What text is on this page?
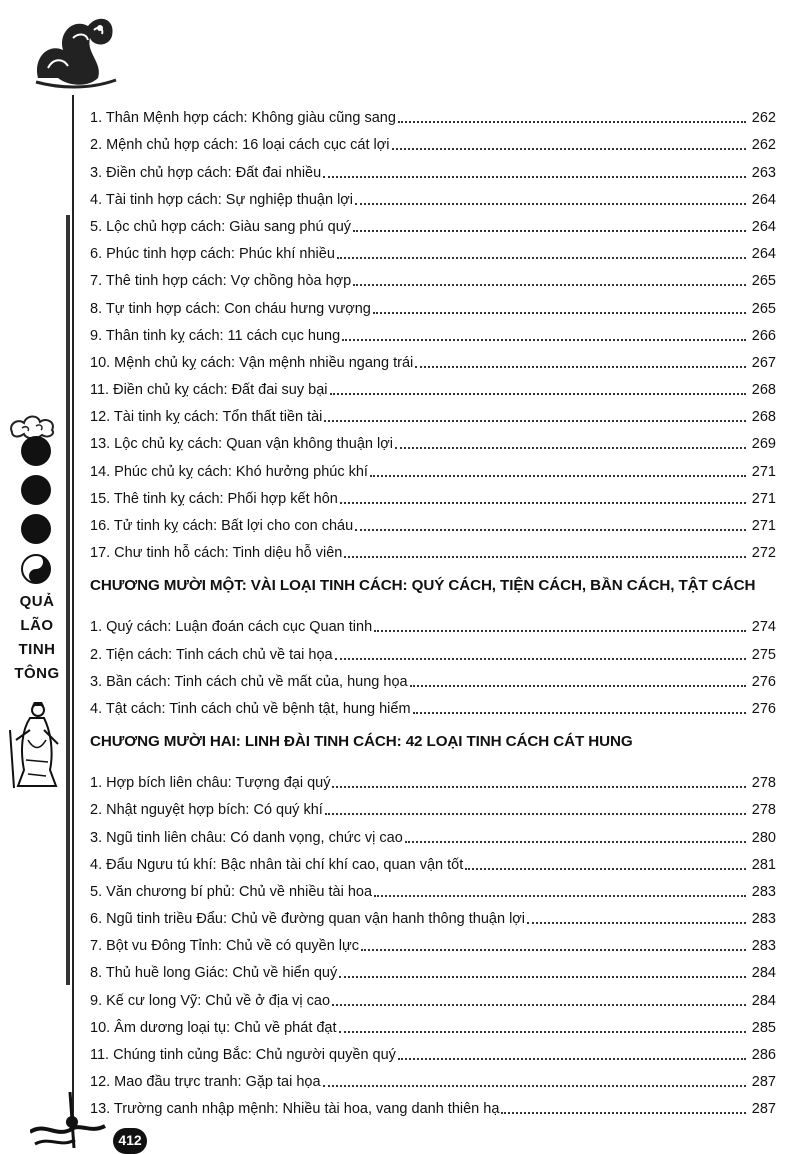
QUẢ
LÃO
TINH
TÔNG
412
1. Thân Mệnh hợp cách: Không giàu cũng sang	262
2. Mệnh chủ hợp cách: 16 loại cách cục cát lợi	262
3. Điền chủ hợp cách: Đất đai nhiều	263
4. Tài tinh hợp cách: Sự nghiệp thuận lợi	264
5. Lộc chủ hợp cách: Giàu sang phú quý	264
6. Phúc tinh hợp cách: Phúc khí nhiều	264
7. Thê tinh hợp cách: Vợ chồng hòa hợp	265
8. Tự tinh hợp cách: Con cháu hưng vượng	265
9. Thân tinh kỵ cách: 11 cách cục hung	266
10. Mệnh chủ kỵ cách: Vận mệnh nhiều ngang trái	267
11. Điền chủ kỵ cách: Đất đai suy bại	268
12. Tài tinh kỵ cách: Tổn thất tiền tài	268
13. Lộc chủ kỵ cách: Quan vận không thuận lợi	269
14. Phúc chủ kỵ cách: Khó hưởng phúc khí	271
15. Thê tinh kỵ cách: Phối hợp kết hôn	271
16. Tử tinh kỵ cách: Bất lợi cho con cháu	271
17. Chư tinh hỗ cách: Tinh diệu hỗ viên	272
CHƯƠNG MƯỜI MỘT: VÀI LOẠI TINH CÁCH: QUÝ CÁCH, TIỆN CÁCH, BẦN CÁCH, TẬT CÁCH
1. Quý cách: Luận đoán cách cục Quan tinh	274
2. Tiện cách: Tinh cách chủ về tai họa	275
3. Bần cách: Tinh cách chủ về mất của, hung họa	276
4. Tật cách: Tinh cách chủ về bệnh tật, hung hiểm	276
CHƯƠNG MƯỜI HAI: LINH ĐÀI TINH CÁCH: 42 LOẠI TINH CÁCH CÁT HUNG
1. Hợp bích liên châu: Tượng đại quý	278
2. Nhật nguyệt hợp bích: Có quý khí	278
3. Ngũ tinh liên châu: Có danh vọng, chức vị cao	280
4. Đẩu Ngưu tú khí: Bậc nhân tài chí khí cao, quan vận tốt	281
5. Văn chương bí phủ: Chủ về nhiều tài hoa	283
6. Ngũ tinh triều Đẩu: Chủ về đường quan vận hanh thông thuận lợi	283
7. Bột vu Đông Tỉnh: Chủ về có quyền lực	283
8. Thủ huề long Giác: Chủ về hiển quý	284
9. Kế cư long Vỹ: Chủ về ở địa vị cao	284
10. Âm dương loại tụ: Chủ về phát đạt	285
11. Chúng tinh củng Bắc: Chủ người quyền quý	286
12. Mao đầu trực tranh: Gặp tai họa	287
13. Trường canh nhập mệnh: Nhiều tài hoa, vang danh thiên hạ	287
